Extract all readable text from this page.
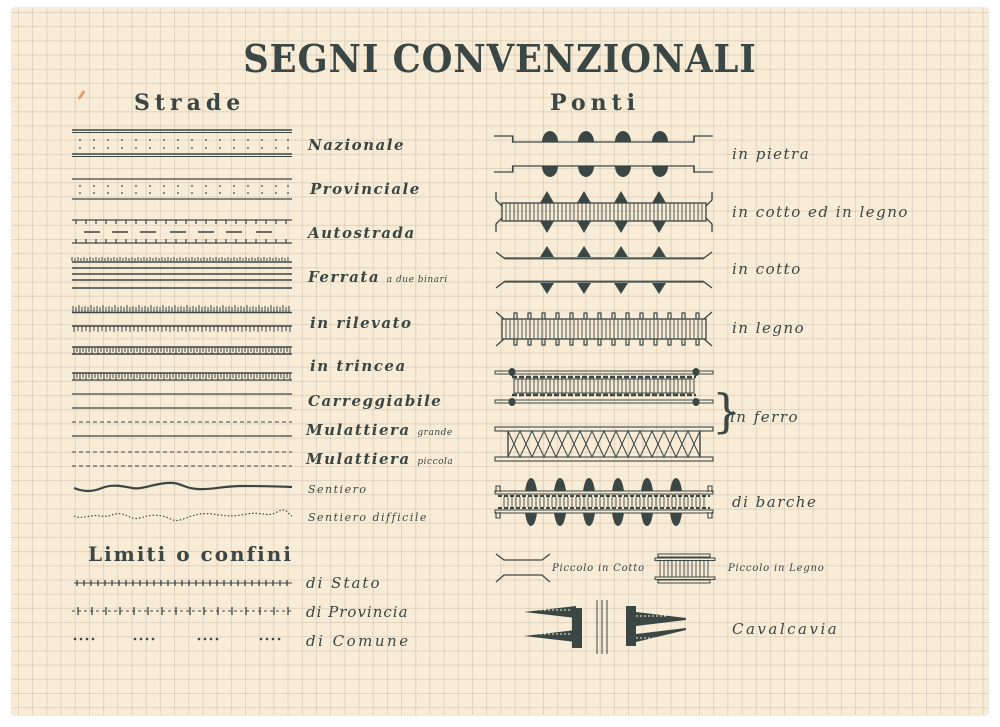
SEGNI CONVENZIONALI
Strade
Nazionale
Provinciale
Autostrada
Ferrata a due binari
in rilevato
in trincea
Carreggiabile
Mulattiera grande
Mulattiera piccola
Sentiero
Sentiero difficile
Limiti o confini
di Stato
di Provincia
di Comune
Ponti
in pietra
in cotto ed in legno
in cotto
in legno
}
in ferro
di barche
Piccolo in Cotto	Piccolo in Legno
Cavalcavia
